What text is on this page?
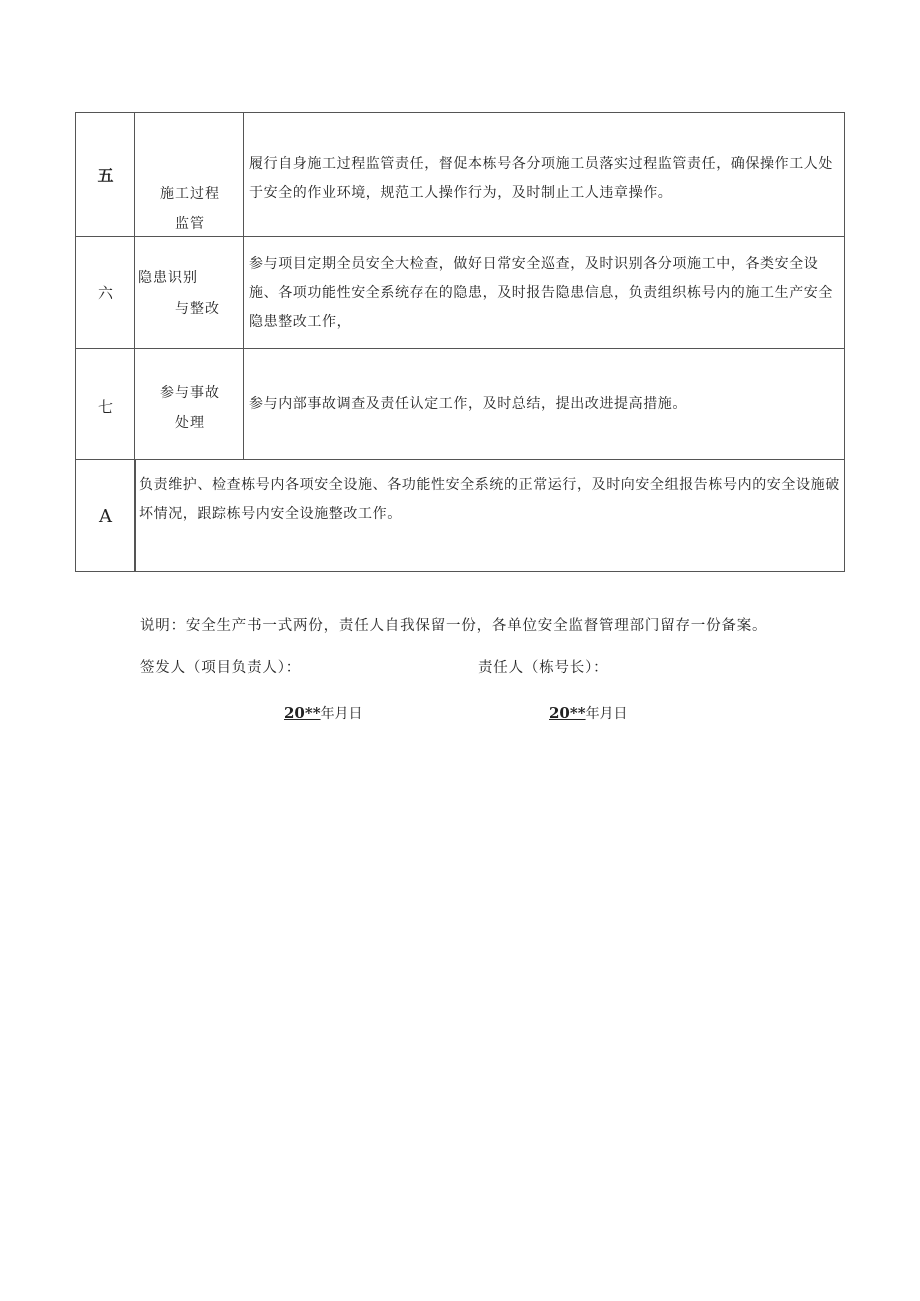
五
施工过程
监管
履行自身施工过程监管责任，督促本栋号各分项施工员落实过程监管责任，确保操作工人处于安全的作业环境，规范工人操作行为，及时制止工人违章操作。
六
隐患识别
与整改
参与项目定期全员安全大检查，做好日常安全巡查，及时识别各分项施工中，各类安全设施、各项功能性安全系统存在的隐患，及时报告隐患信息，负责组织栋号内的施工生产安全隐患整改工作，
七
参与事故
处理
参与内部事故调查及责任认定工作，及时总结，提出改进提高措施。
A
负责维护、检查栋号内各项安全设施、各功能性安全系统的正常运行，及时向安全组报告栋号内的安全设施破坏情况，跟踪栋号内安全设施整改工作。
说明：安全生产书一式两份，责任人自我保留一份，各单位安全监督管理部门留存一份备案。
签发人（项目负责人）：	责任人（栋号长）：
20**年月日	20**年月日
